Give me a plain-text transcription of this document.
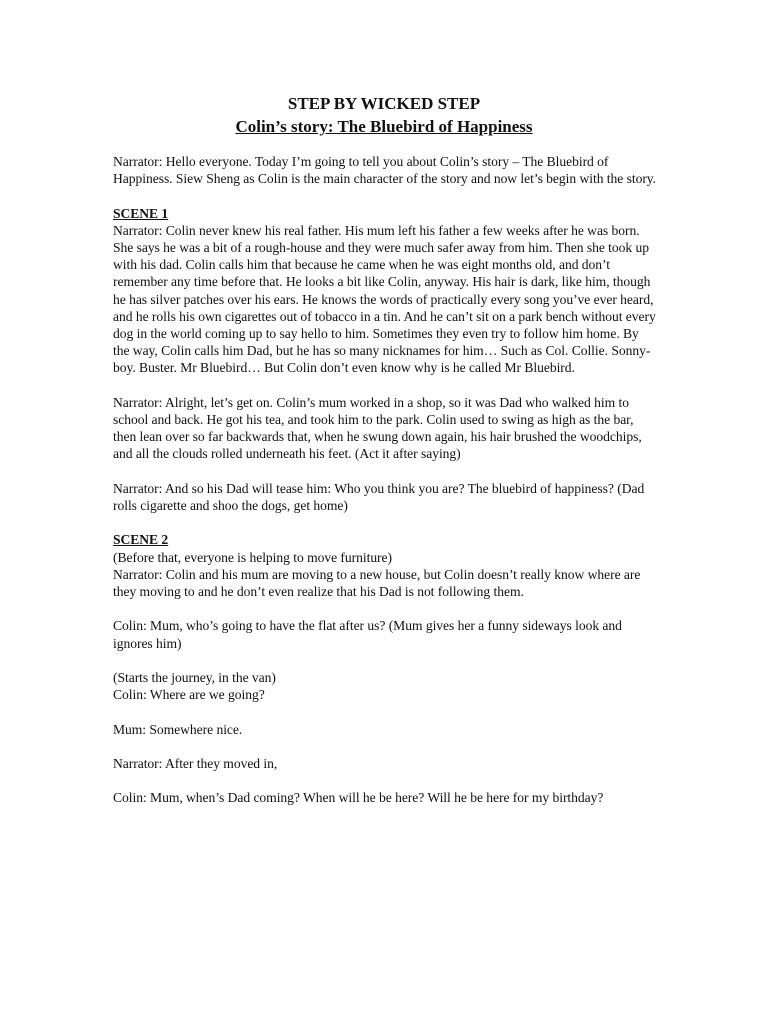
STEP BY WICKED STEP
Colin’s story: The Bluebird of Happiness

Narrator: Hello everyone. Today I’m going to tell you about Colin’s story – The Bluebird of Happiness. Siew Sheng as Colin is the main character of the story and now let’s begin with the story.

SCENE 1

Narrator: Colin never knew his real father. His mum left his father a few weeks after he was born. She says he was a bit of a rough-house and they were much safer away from him. Then she took up with his dad. Colin calls him that because he came when he was eight months old, and don’t remember any time before that. He looks a bit like Colin, anyway. His hair is dark, like him, though he has silver patches over his ears. He knows the words of practically every song you’ve ever heard, and he rolls his own cigarettes out of tobacco in a tin. And he can’t sit on a park bench without every dog in the world coming up to say hello to him. Sometimes they even try to follow him home. By the way, Colin calls him Dad, but he has so many nicknames for him… Such as Col. Collie. Sonny-boy. Buster. Mr Bluebird… But Colin don’t even know why is he called Mr Bluebird.

Narrator: Alright, let’s get on. Colin’s mum worked in a shop, so it was Dad who walked him to school and back. He got his tea, and took him to the park. Colin used to swing as high as the bar, then lean over so far backwards that, when he swung down again, his hair brushed the woodchips, and all the clouds rolled underneath his feet. (Act it after saying)

Narrator: And so his Dad will tease him: Who you think you are? The bluebird of happiness? (Dad rolls cigarette and shoo the dogs, get home)

SCENE 2

(Before that, everyone is helping to move furniture)

Narrator: Colin and his mum are moving to a new house, but Colin doesn’t really know where are they moving to and he don’t even realize that his Dad is not following them.

Colin: Mum, who’s going to have the flat after us? (Mum gives her a funny sideways look and ignores him)

(Starts the journey, in the van)

Colin: Where are we going?

Mum: Somewhere nice.

Narrator: After they moved in,

Colin: Mum, when’s Dad coming? When will he be here? Will he be here for my birthday?
